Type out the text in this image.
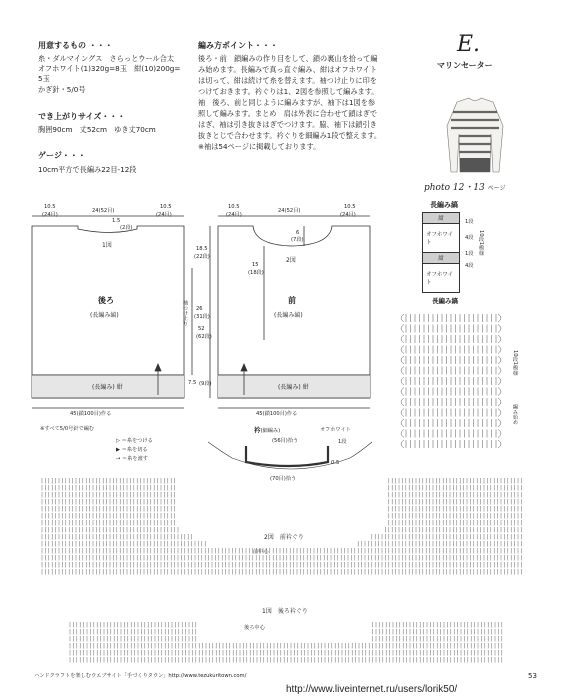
用意するもの ・・・
糸・ダルマイングス　さらっとウール合太
オフホワイト(1)320g=8玉　紺(10)200g=
5玉
かぎ針・5/0号
でき上がりサイズ・・・
胸囲90cm　丈52cm　ゆき丈70cm
ゲージ・・・
10cm平方で長編み22目-12段
編み方ポイント・・・
後ろ・前　鎖編みの作り目をして、鎖の裏山を拾って編
み始めます。長編みで真っ直ぐ編み、紺はオフホワイト
は切って、紺は続けて糸を替えます。袖つけ止りに印を
つけておきます。衿ぐりは1、2図を参照して編みます。
袖　後ろ、前と同じように編みますが、袖下は1図を参
照して編みます。まとめ　肩は外表に合わせて鎖はぎで
はぎ、袖は引き抜きはぎでつけます。脇、袖下は鎖引き
抜きとじで合わせます。衿ぐりを細編み1段で整えます。
※袖は54ページに掲載しております。
E.
マリンセーター
photo 12・13 ページ
長編み縞
紺
オフホワイト
紺
オフホワイト
1段
4段
1段
4段
10段1模様
10.5
(24目)
24(52目)
10.5
(24目)
1.5
(2段)
1図
後ろ
(長編み縞)
(長編み) 紺
45(鎖100目)作る
26
(31段)
7.5 (9段)
袖つけ止り
10.5
(24目)
24(52目)
10.5
(24目)
6
(7段)
15
(18段)
18.5
(22段)
52
(62段)
2図
前
(長編み縞)
(長編み) 紺
45(鎖100目)作る
※すべて5/0号針で編む
▷ ＝糸をつける
▶ ＝糸を切る
→ ＝糸を渡す
衿(細編み)	オフホワイト
(56目)拾う	1段
0.5
(70目)拾う
長編み縞
10段1模様
編み始め
2図　 前衿ぐり
前中心
1図　 後ろ衿ぐり
後ろ中心
ハンドクラフトを楽しむウエブサイト「手づくりタウン」http://www.tezukuritown.com/	53
http://www.liveinternet.ru/users/lorik50/
